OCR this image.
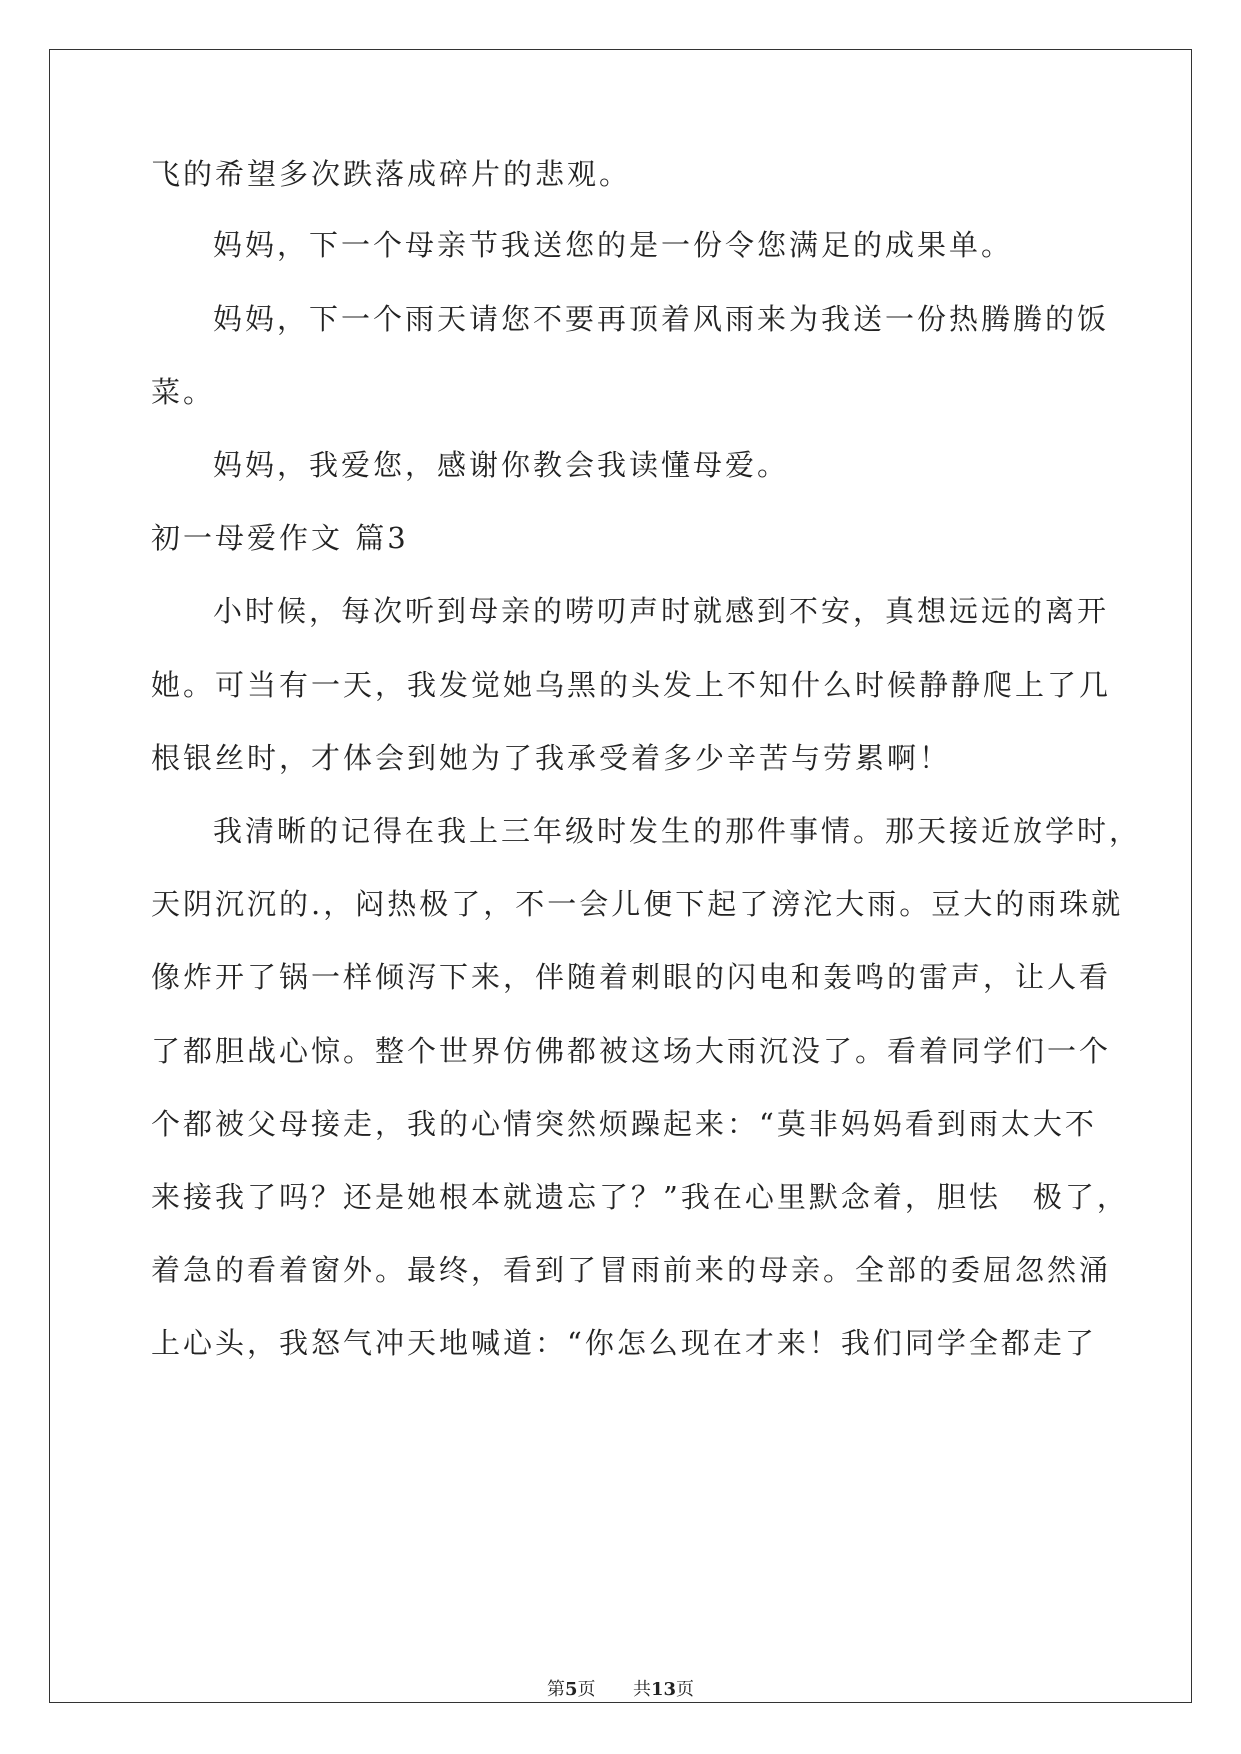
飞的希望多次跌落成碎片的悲观。
妈妈，下一个母亲节我送您的是一份令您满足的成果单。
妈妈，下一个雨天请您不要再顶着风雨来为我送一份热腾腾的饭
菜。
妈妈，我爱您，感谢你教会我读懂母爱。
初一母爱作文 篇3
小时候，每次听到母亲的唠叨声时就感到不安，真想远远的离开
她。可当有一天，我发觉她乌黑的头发上不知什么时候静静爬上了几
根银丝时，才体会到她为了我承受着多少辛苦与劳累啊！
我清晰的记得在我上三年级时发生的那件事情。那天接近放学时，
天阴沉沉的.，闷热极了，不一会儿便下起了滂沱大雨。豆大的雨珠就
像炸开了锅一样倾泻下来，伴随着刺眼的闪电和轰鸣的雷声，让人看
了都胆战心惊。整个世界仿佛都被这场大雨沉没了。看着同学们一个
个都被父母接走，我的心情突然烦躁起来：“莫非妈妈看到雨太大不
来接我了吗？还是她根本就遗忘了？”我在心里默念着，胆怯　极了，
着急的看着窗外。最终，看到了冒雨前来的母亲。全部的委屈忽然涌
上心头，我怒气冲天地喊道：“你怎么现在才来！我们同学全都走了
第5页 共13页
